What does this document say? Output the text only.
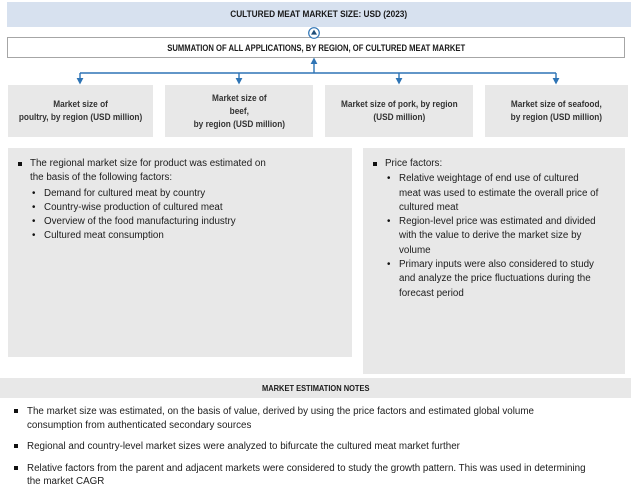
CULTURED MEAT MARKET SIZE: USD (2023)
SUMMATION OF ALL APPLICATIONS, BY REGION, OF CULTURED MEAT MARKET
Market size of
poultry, by region (USD million)
Market size of
beef,
by region (USD million)
Market size of pork, by region
(USD million)
Market size of seafood,
by region (USD million)
The regional market size for product was estimated on the basis of the following factors:
• Demand for cultured meat by country
• Country-wise production of cultured meat
• Overview of the food manufacturing industry
• Cultured meat consumption
Price factors:
• Relative weightage of end use of cultured meat was used to estimate the overall price of cultured meat
• Region-level price was estimated and divided with the value to derive the market size by volume
• Primary inputs were also considered to study and analyze the price fluctuations during the forecast period
MARKET ESTIMATION NOTES
The market size was estimated, on the basis of value, derived by using the price factors and estimated global volume consumption from authenticated secondary sources
Regional and country-level market sizes were analyzed to bifurcate the cultured meat market further
Relative factors from the parent and adjacent markets were considered to study the growth pattern. This was used in determining the market CAGR
